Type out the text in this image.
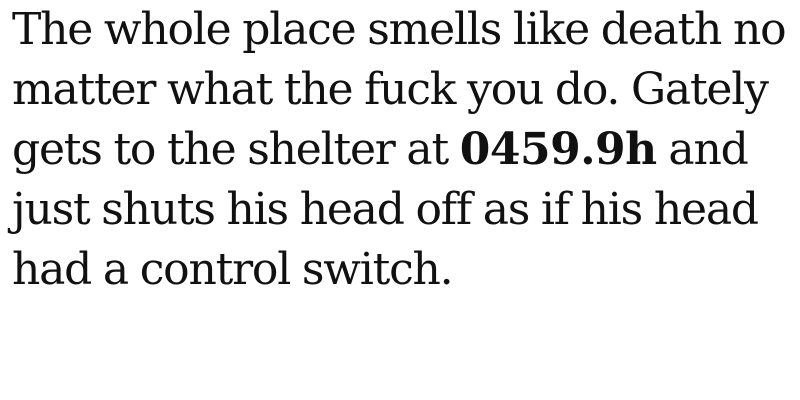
The whole place smells like death no
matter what the fuck you do. Gately
gets to the shelter at 0459.9h and
just shuts his head off as if his head
had a control switch.
